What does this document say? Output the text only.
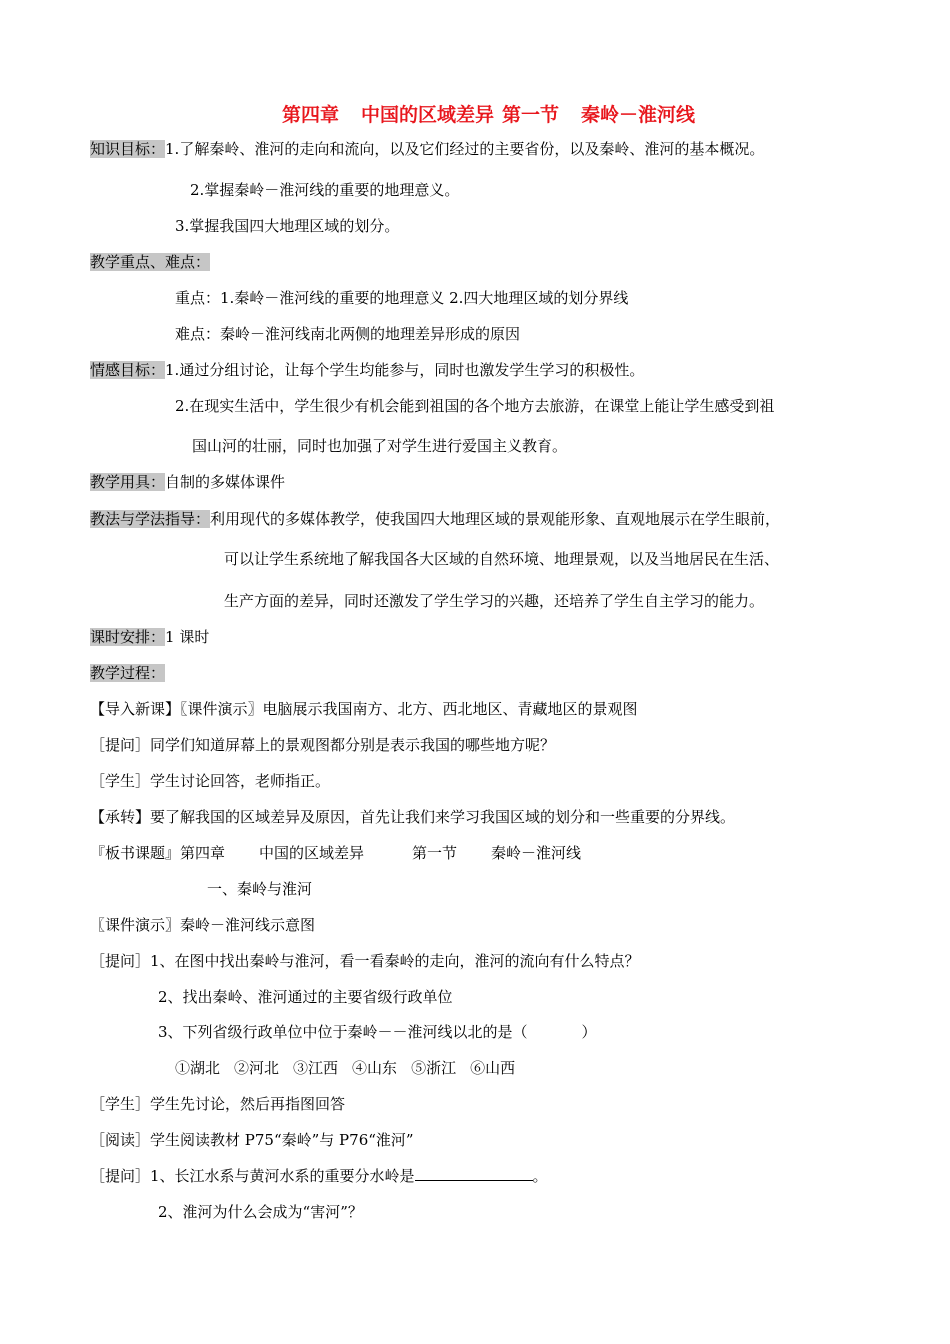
第四章 中国的区域差异 第一节 秦岭－淮河线
知识目标：1.了解秦岭、淮河的走向和流向，以及它们经过的主要省份，以及秦岭、淮河的基本概况。
2.掌握秦岭－淮河线的重要的地理意义。
3.掌握我国四大地理区域的划分。
教学重点、难点：
重点：1.秦岭－淮河线的重要的地理意义 2.四大地理区域的划分界线
难点：秦岭－淮河线南北两侧的地理差异形成的原因
情感目标：1.通过分组讨论，让每个学生均能参与，同时也激发学生学习的积极性。
2.在现实生活中，学生很少有机会能到祖国的各个地方去旅游，在课堂上能让学生感受到祖
国山河的壮丽，同时也加强了对学生进行爱国主义教育。
教学用具：自制的多媒体课件
教法与学法指导：利用现代的多媒体教学，使我国四大地理区域的景观能形象、直观地展示在学生眼前，
可以让学生系统地了解我国各大区域的自然环境、地理景观，以及当地居民在生活、
生产方面的差异，同时还激发了学生学习的兴趣，还培养了学生自主学习的能力。
课时安排：1 课时
教学过程：
【导入新课】〖课件演示〗电脑展示我国南方、北方、西北地区、青藏地区的景观图
［提问］同学们知道屏幕上的景观图都分别是表示我国的哪些地方呢？
［学生］学生讨论回答，老师指正。
【承转】要了解我国的区域差异及原因，首先让我们来学习我国区域的划分和一些重要的分界线。
『板书课题』第四章 中国的区域差异	第一节 秦岭－淮河线
一、秦岭与淮河
〖课件演示〗秦岭－淮河线示意图
［提问］1、在图中找出秦岭与淮河，看一看秦岭的走向，淮河的流向有什么特点？
2、找出秦岭、淮河通过的主要省级行政单位
3、下列省级行政单位中位于秦岭－－淮河线以北的是（	）
①湖北 ②河北 ③江西 ④山东 ⑤浙江 ⑥山西
［学生］学生先讨论，然后再指图回答
［阅读］学生阅读教材 P75“秦岭”与 P76“淮河”
［提问］1、长江水系与黄河水系的重要分水岭是	。
2、淮河为什么会成为“害河”？
